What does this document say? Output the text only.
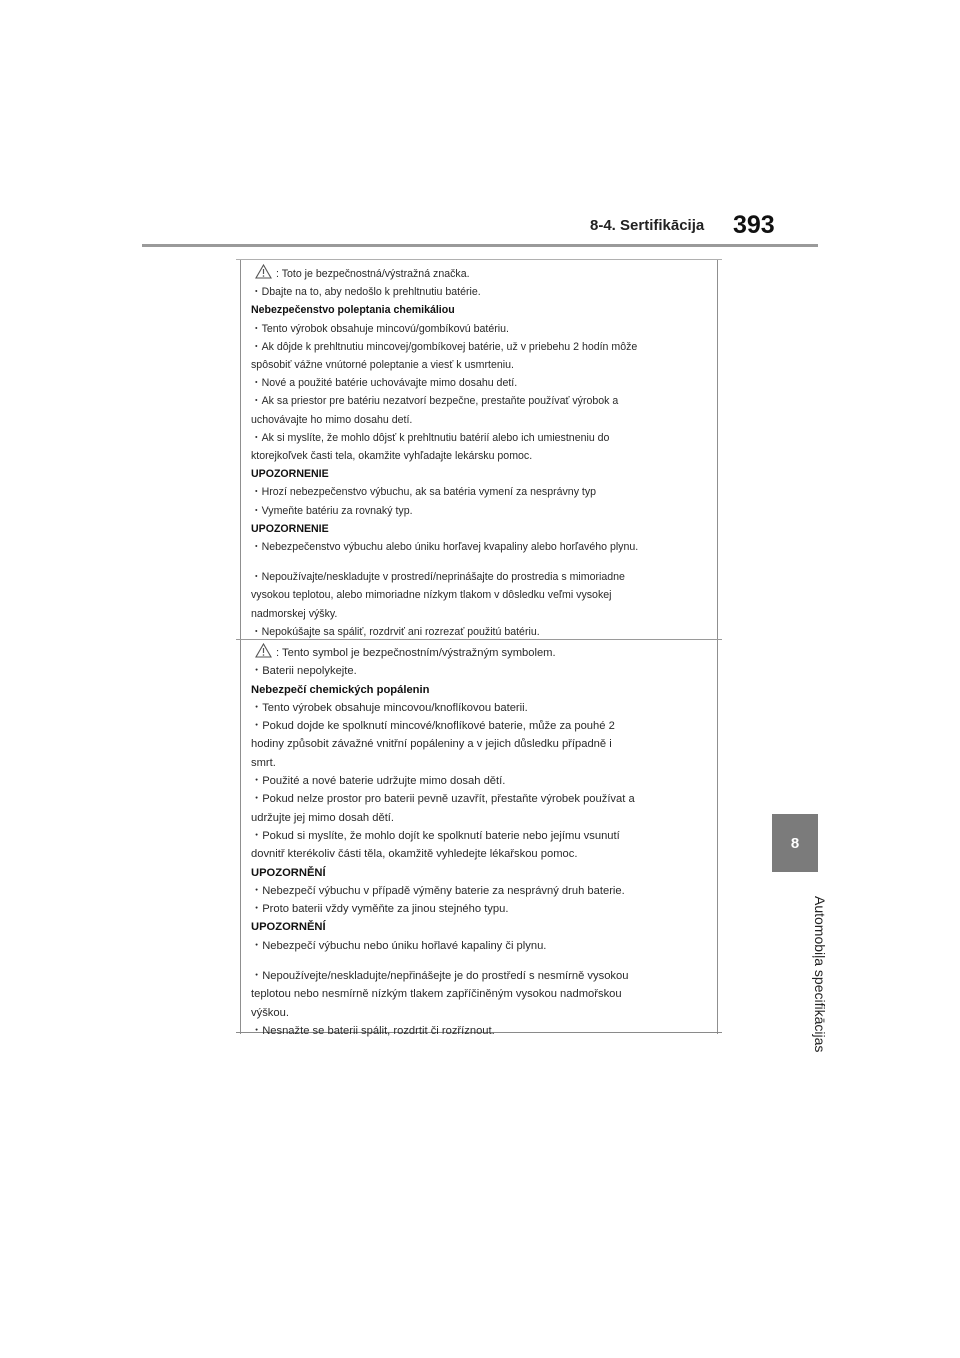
8-4. Sertifikācija 393
8
Automobiļa specifikācijas

: Toto je bezpečnostná/výstražná značka.

・Dbajte na to, aby nedošlo k prehltnutiu batérie.

Nebezpečenstvo poleptania chemikáliou

・Tento výrobok obsahuje mincovú/gombíkovú batériu.

・Ak dôjde k prehltnutiu mincovej/gombíkovej batérie, už v priebehu 2 hodín môže

spôsobiť vážne vnútorné poleptanie a viesť k usmrteniu.

・Nové a použité batérie uchovávajte mimo dosahu detí.

・Ak sa priestor pre batériu nezatvorí bezpečne, prestaňte používať výrobok a

uchovávajte ho mimo dosahu detí.

・Ak si myslíte, že mohlo dôjsť k prehltnutiu batérií alebo ich umiestneniu do

ktorejkoľvek časti tela, okamžite vyhľadajte lekársku pomoc.

UPOZORNENIE

・Hrozí nebezpečenstvo výbuchu, ak sa batéria vymení za nesprávny typ

・Vymeňte batériu za rovnaký typ.

UPOZORNENIE

・Nebezpečenstvo výbuchu alebo úniku horľavej kvapaliny alebo horľavého plynu.

・Nepoužívajte/neskladujte v prostredí/neprinášajte do prostredia s mimoriadne

vysokou teplotou, alebo mimoriadne nízkym tlakom v dôsledku veľmi vysokej

nadmorskej výšky.

・Nepokúšajte sa spáliť, rozdrviť ani rozrezať použitú batériu.

: Tento symbol je bezpečnostním/výstražným symbolem.

・Baterii nepolykejte.

Nebezpečí chemických popálenin

・Tento výrobek obsahuje mincovou/knoflíkovou baterii.

・Pokud dojde ke spolknutí mincové/knoflíkové baterie, může za pouhé 2

hodiny způsobit závažné vnitřní popáleniny a v jejich důsledku případně i

smrt.

・Použité a nové baterie udržujte mimo dosah dětí.

・Pokud nelze prostor pro baterii pevně uzavřít, přestaňte výrobek používat a

udržujte jej mimo dosah dětí.

・Pokud si myslíte, že mohlo dojít ke spolknutí baterie nebo jejímu vsunutí

dovnitř kterékoliv části těla, okamžitě vyhledejte lékařskou pomoc.

UPOZORNĚNÍ

・Nebezpečí výbuchu v případě výměny baterie za nesprávný druh baterie.

・Proto baterii vždy vyměňte za jinou stejného typu.

UPOZORNĚNÍ

・Nebezpečí výbuchu nebo úniku hořlavé kapaliny či plynu.

・Nepoužívejte/neskladujte/nepřinášejte je do prostředí s nesmírně vysokou

teplotou nebo nesmírně nízkým tlakem zapříčiněným vysokou nadmořskou

výškou.

・Nesnažte se baterii spálit, rozdrtit či rozříznout.
